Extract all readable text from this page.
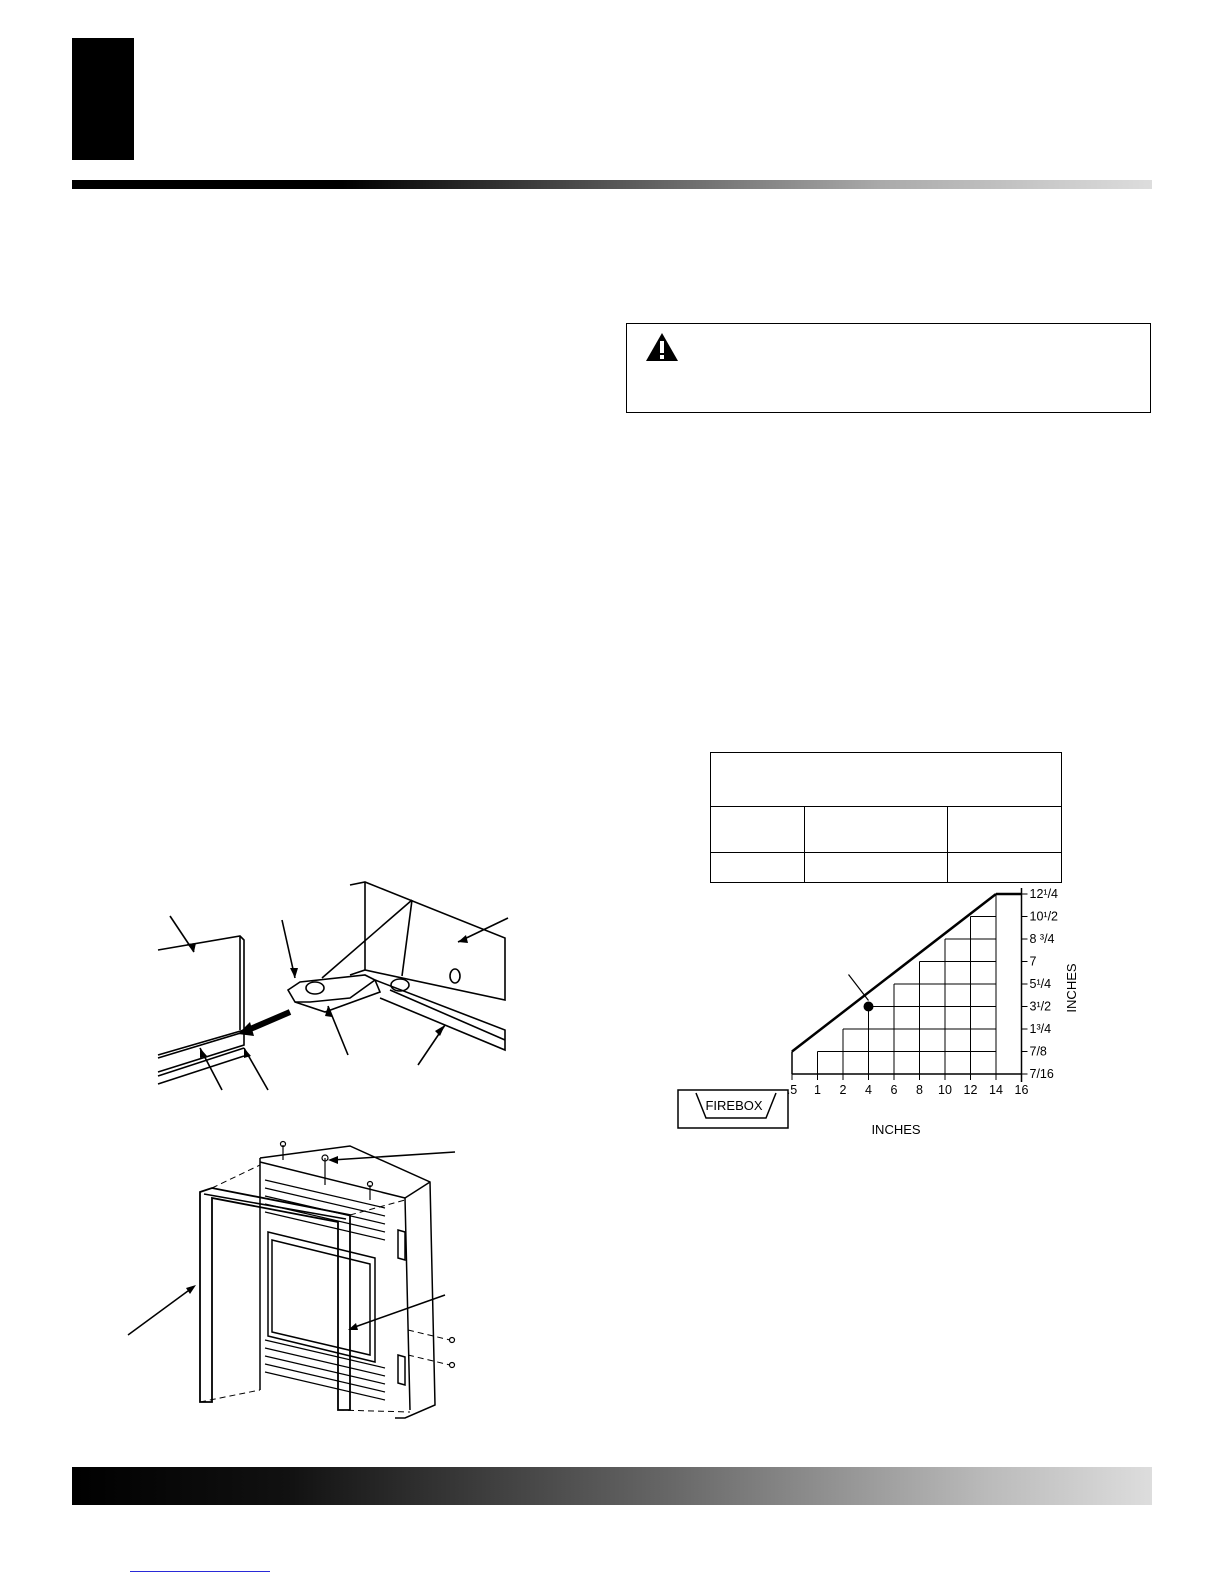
.5 1 2 4 6 8 10 12 14 16
7/16
7/8
1³/4
3¹/2
5¹/4
7
8 ³/4
10¹/2
12¹/4
FIREBOX
INCHES
INCHES
